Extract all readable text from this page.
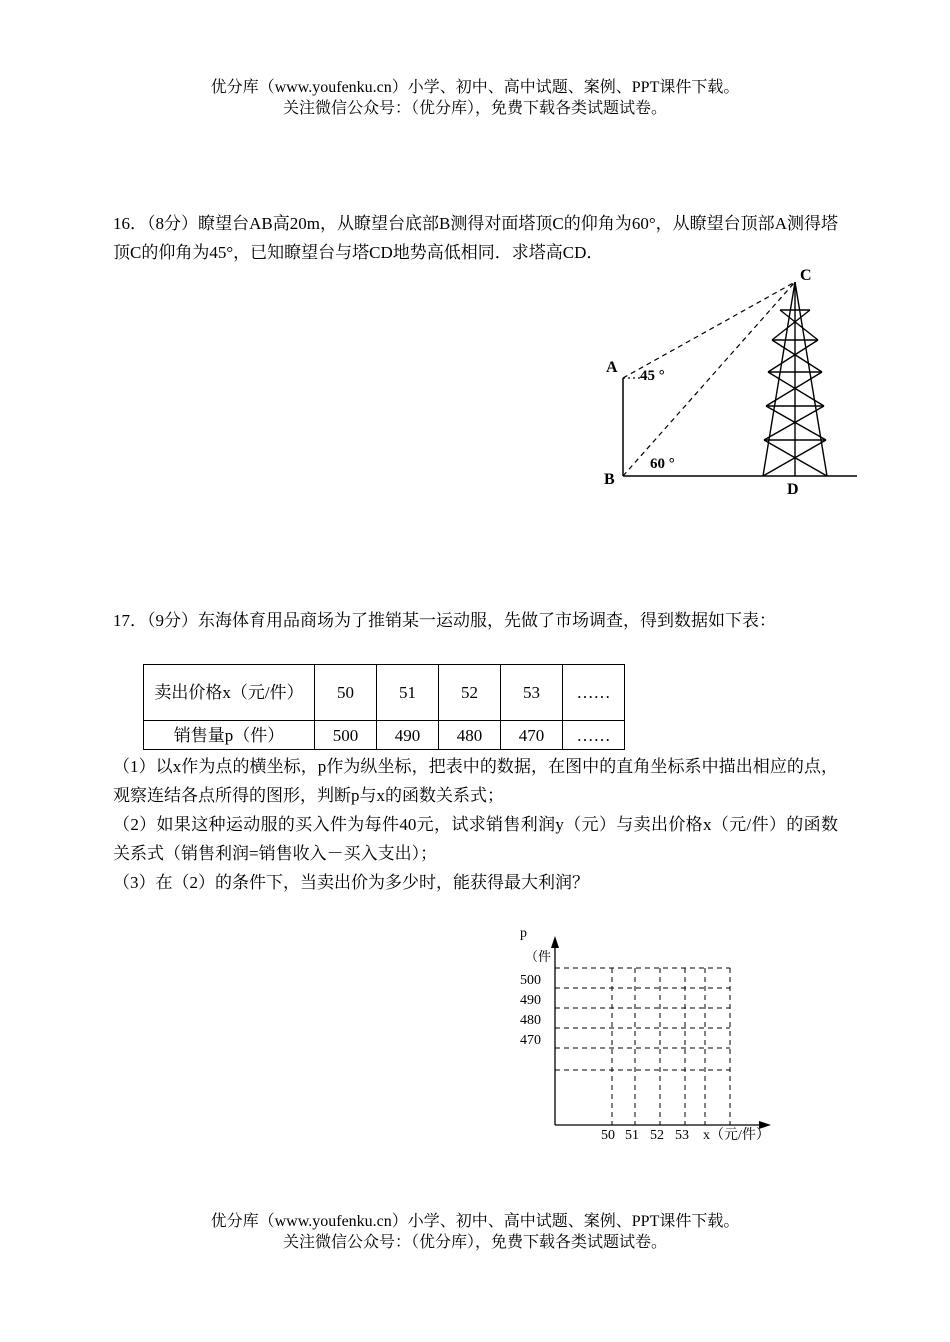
优分库（www.youfenku.cn）小学、初中、高中试题、案例、PPT课件下载。
关注微信公众号：（优分库），免费下载各类试题试卷。

16．（8分）瞭望台AB高20m，从瞭望台底部B测得对面塔顶C的仰角为60°，从瞭望台顶部A测得塔顶C的仰角为45°，已知瞭望台与塔CD地势高低相同．求塔高CD．

A
B
C
D
45 °
60 °

17．（9分）东海体育用品商场为了推销某一运动服，先做了市场调查，得到数据如下表：

卖出价格x（元/件）	50	51	52	53	……
销售量p（件）	500	490	480	470	……

（1）以x作为点的横坐标，p作为纵坐标，把表中的数据，在图中的直角坐标系中描出相应的点，观察连结各点所得的图形，判断p与x的函数关系式；

（2）如果这种运动服的买入件为每件40元，试求销售利润y（元）与卖出价格x（元/件）的函数关系式（销售利润=销售收入－买入支出）；

（3）在（2）的条件下，当卖出价为多少时，能获得最大利润？

p
（件
500
490
480
470
50 51 52 53 x（元/件）
优分库（www.youfenku.cn）小学、初中、高中试题、案例、PPT课件下载。
关注微信公众号：（优分库），免费下载各类试题试卷。
